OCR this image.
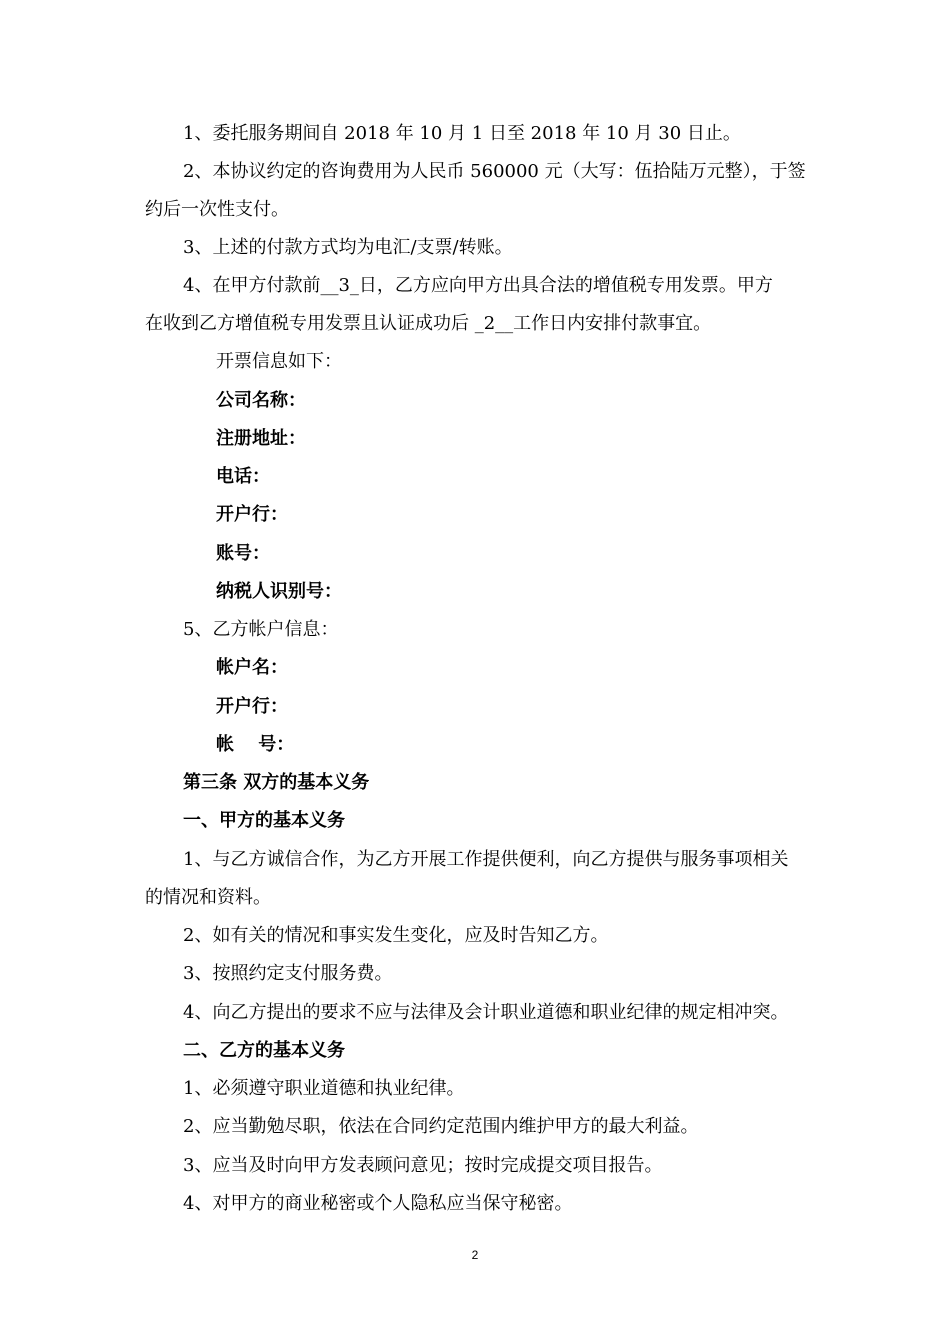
1、委托服务期间自 2018 年 10 月 1 日至 2018 年 10 月 30 日止。
2、本协议约定的咨询费用为人民币 560000 元（大写：伍拾陆万元整），于签
约后一次性支付。
3、上述的付款方式均为电汇/支票/转账。
4、在甲方付款前__3_日，乙方应向甲方出具合法的增值税专用发票。甲方
在收到乙方增值税专用发票且认证成功后 _2__工作日内安排付款事宜。
开票信息如下：
公司名称：
注册地址：
电话：
开户行：
账号：
纳税人识别号：
5、乙方帐户信息：
帐户名：
开户行：
帐　 号：
第三条 双方的基本义务
一、甲方的基本义务
1、与乙方诚信合作，为乙方开展工作提供便利，向乙方提供与服务事项相关
的情况和资料。
2、如有关的情况和事实发生变化，应及时告知乙方。
3、按照约定支付服务费。
4、向乙方提出的要求不应与法律及会计职业道德和职业纪律的规定相冲突。
二、乙方的基本义务
1、必须遵守职业道德和执业纪律。
2、应当勤勉尽职，依法在合同约定范围内维护甲方的最大利益。
3、应当及时向甲方发表顾问意见；按时完成提交项目报告。
4、对甲方的商业秘密或个人隐私应当保守秘密。
2
